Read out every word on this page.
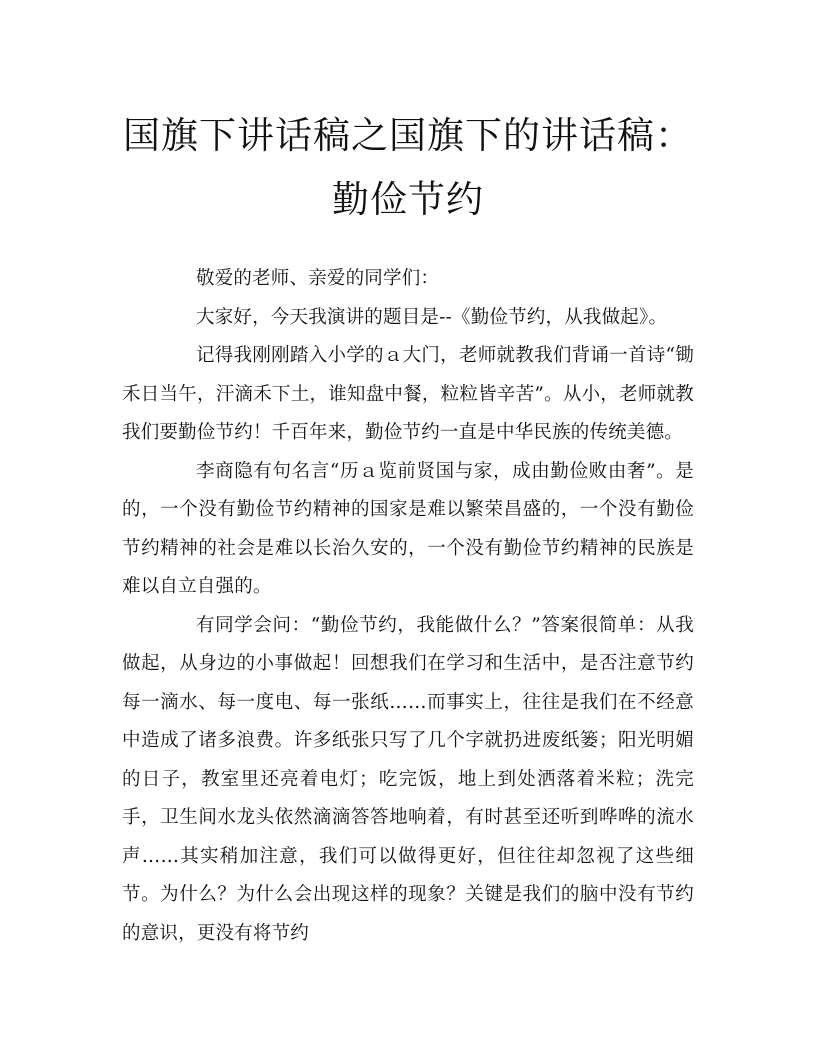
国旗下讲话稿之国旗下的讲话稿：勤俭节约

敬爱的老师、亲爱的同学们：

大家好，今天我演讲的题目是--《勤俭节约，从我做起》。

记得我刚刚踏入小学的ａ大门，老师就教我们背诵一首诗“锄禾日当午，汗滴禾下土，谁知盘中餐，粒粒皆辛苦”。从小，老师就教我们要勤俭节约！千百年来，勤俭节约一直是中华民族的传统美德。

李商隐有句名言“历ａ览前贤国与家，成由勤俭败由奢”。是的，一个没有勤俭节约精神的国家是难以繁荣昌盛的，一个没有勤俭节约精神的社会是难以长治久安的，一个没有勤俭节约精神的民族是难以自立自强的。

有同学会问：“勤俭节约，我能做什么？”答案很简单：从我做起，从身边的小事做起！回想我们在学习和生活中，是否注意节约每一滴水、每一度电、每一张纸……而事实上，往往是我们在不经意中造成了诸多浪费。许多纸张只写了几个字就扔进废纸篓；阳光明媚的日子，教室里还亮着电灯；吃完饭，地上到处洒落着米粒；洗完手，卫生间水龙头依然滴滴答答地响着，有时甚至还听到哗哗的流水声……其实稍加注意，我们可以做得更好，但往往却忽视了这些细节。为什么？为什么会出现这样的现象？关键是我们的脑中没有节约的意识，更没有将节约
